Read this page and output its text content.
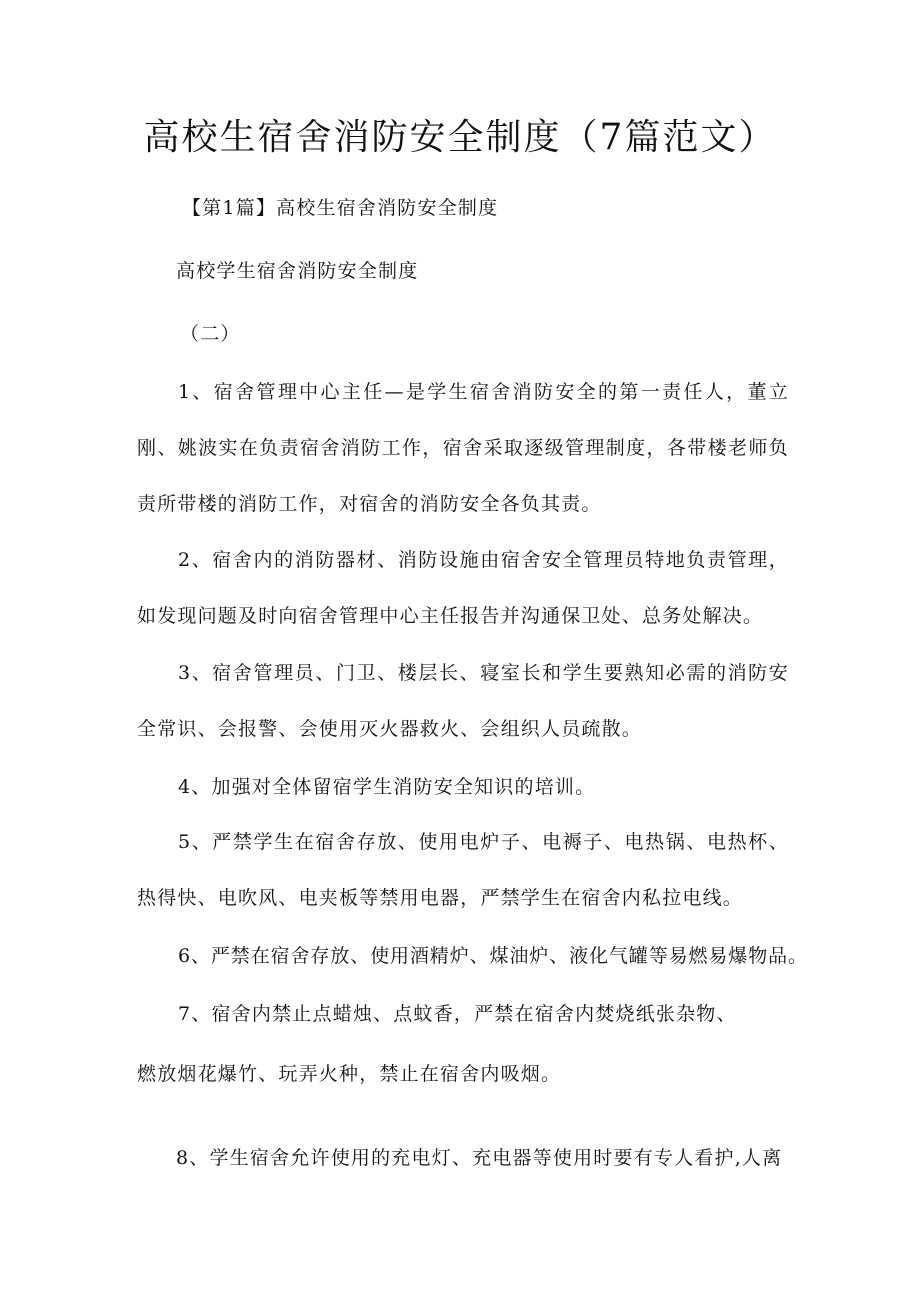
高校生宿舍消防安全制度（7篇范文）
【第1篇】高校生宿舍消防安全制度
高校学生宿舍消防安全制度
（二）

1、宿舍管理中心主任—是学生宿舍消防安全的第一责任人，董立刚、姚波实在负责宿舍消防工作，宿舍采取逐级管理制度，各带楼老师负责所带楼的消防工作，对宿舍的消防安全各负其责。

2、宿舍内的消防器材、消防设施由宿舍安全管理员特地负责管理，如发现问题及时向宿舍管理中心主任报告并沟通保卫处、总务处解决。

3、宿舍管理员、门卫、楼层长、寝室长和学生要熟知必需的消防安全常识、会报警、会使用灭火器救火、会组织人员疏散。

4、加强对全体留宿学生消防安全知识的培训。

5、严禁学生在宿舍存放、使用电炉子、电褥子、电热锅、电热杯、热得快、电吹风、电夹板等禁用电器，严禁学生在宿舍内私拉电线。

6、严禁在宿舍存放、使用酒精炉、煤油炉、液化气罐等易燃易爆物品。
7、宿舍内禁止点蜡烛、点蚊香，严禁在宿舍内焚烧纸张杂物、
燃放烟花爆竹、玩弄火种，禁止在宿舍内吸烟。
8、学生宿舍允许使用的充电灯、充电器等使用时要有专人看护,人离
